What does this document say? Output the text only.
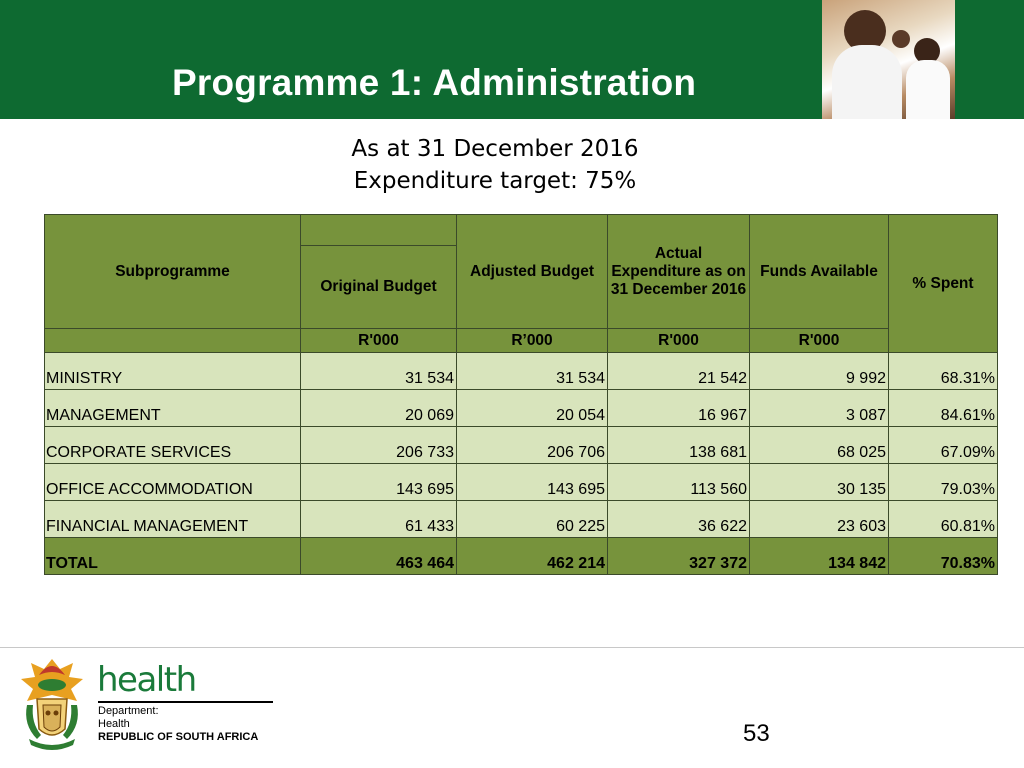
Programme 1: Administration
As at 31 December 2016
Expenditure target: 75%
Subprogramme		Adjusted Budget	Actual Expenditure as on 31 December 2016	Funds Available	% Spent
	Original Budget				
	R'000	R’000	R'000	R'000	
MINISTRY	31 534	31 534	21 542	9 992	68.31%
MANAGEMENT	20 069	20 054	16 967	3 087	84.61%
CORPORATE SERVICES	206 733	206 706	138 681	68 025	67.09%
OFFICE ACCOMMODATION	143 695	143 695	113 560	30 135	79.03%
FINANCIAL MANAGEMENT	61 433	60 225	36 622	23 603	60.81%
TOTAL	463 464	462 214	327 372	134 842	70.83%
health
Department:
Health
REPUBLIC OF SOUTH AFRICA	53
